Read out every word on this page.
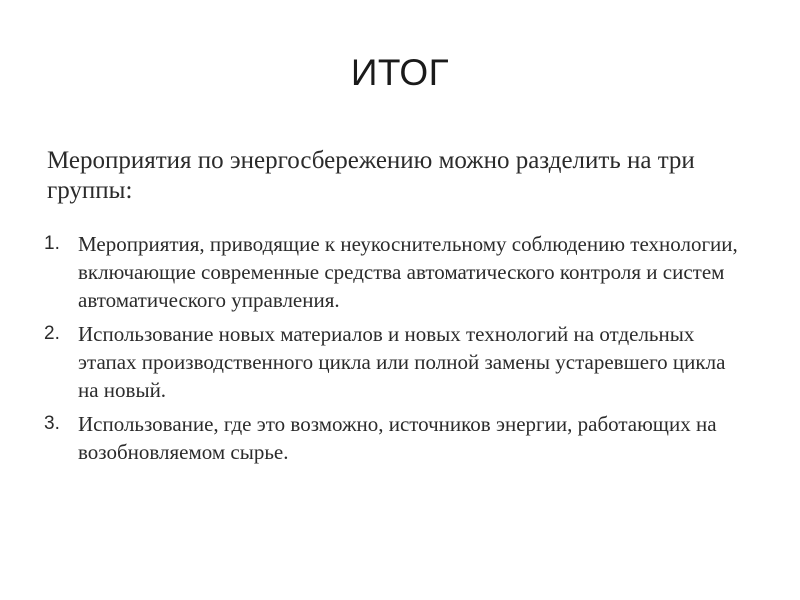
ИТОГ
Мероприятия по энергосбережению можно разделить на три группы:
1. Мероприятия, приводящие к неукоснительному соблюдению технологии, включающие современные средства автоматического контроля и систем автоматического управления.
2. Использование новых материалов и новых технологий на отдельных этапах производственного цикла или полной замены устаревшего цикла на новый.
3. Использование, где это возможно, источников энергии, работающих на возобновляемом сырье.
